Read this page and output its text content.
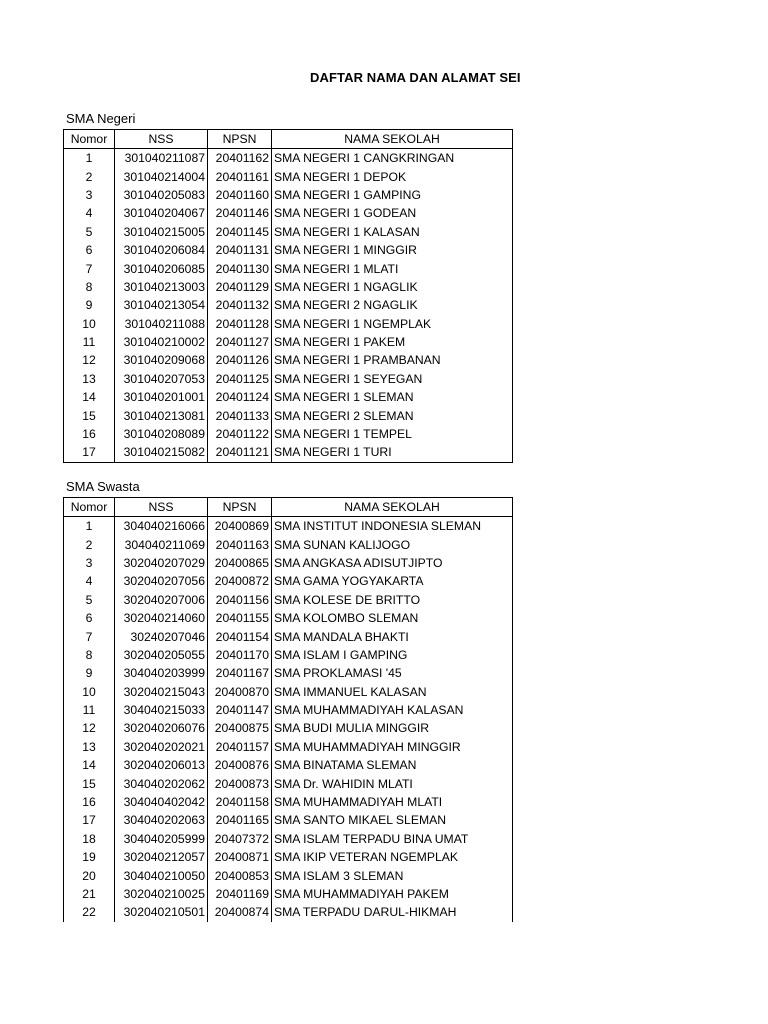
DAFTAR NAMA DAN ALAMAT SEI
SMA Negeri
Nomor	NSS	NPSN	NAMA SEKOLAH
1	301040211087	20401162	SMA NEGERI 1 CANGKRINGAN
2	301040214004	20401161	SMA NEGERI 1 DEPOK
3	301040205083	20401160	SMA NEGERI 1 GAMPING
4	301040204067	20401146	SMA NEGERI 1 GODEAN
5	301040215005	20401145	SMA NEGERI 1 KALASAN
6	301040206084	20401131	SMA NEGERI 1 MINGGIR
7	301040206085	20401130	SMA NEGERI 1 MLATI
8	301040213003	20401129	SMA NEGERI 1 NGAGLIK
9	301040213054	20401132	SMA NEGERI 2 NGAGLIK
10	301040211088	20401128	SMA NEGERI 1 NGEMPLAK
11	301040210002	20401127	SMA NEGERI 1 PAKEM
12	301040209068	20401126	SMA NEGERI 1 PRAMBANAN
13	301040207053	20401125	SMA NEGERI 1 SEYEGAN
14	301040201001	20401124	SMA NEGERI 1 SLEMAN
15	301040213081	20401133	SMA NEGERI 2 SLEMAN
16	301040208089	20401122	SMA NEGERI 1 TEMPEL
17	301040215082	20401121	SMA NEGERI 1 TURI
SMA Swasta
Nomor	NSS	NPSN	NAMA SEKOLAH
1	304040216066	20400869	SMA INSTITUT INDONESIA SLEMAN
2	304040211069	20401163	SMA SUNAN KALIJOGO
3	302040207029	20400865	SMA ANGKASA ADISUTJIPTO
4	302040207056	20400872	SMA GAMA YOGYAKARTA
5	302040207006	20401156	SMA KOLESE DE BRITTO
6	302040214060	20401155	SMA KOLOMBO SLEMAN
7	30240207046	20401154	SMA MANDALA BHAKTI
8	302040205055	20401170	SMA ISLAM I GAMPING
9	304040203999	20401167	SMA PROKLAMASI '45
10	302040215043	20400870	SMA IMMANUEL KALASAN
11	304040215033	20401147	SMA MUHAMMADIYAH KALASAN
12	302040206076	20400875	SMA BUDI MULIA MINGGIR
13	302040202021	20401157	SMA MUHAMMADIYAH MINGGIR
14	302040206013	20400876	SMA BINATAMA SLEMAN
15	304040202062	20400873	SMA Dr. WAHIDIN MLATI
16	304040402042	20401158	SMA MUHAMMADIYAH MLATI
17	304040202063	20401165	SMA SANTO MIKAEL SLEMAN
18	304040205999	20407372	SMA ISLAM TERPADU BINA UMAT
19	302040212057	20400871	SMA IKIP VETERAN NGEMPLAK
20	304040210050	20400853	SMA ISLAM 3 SLEMAN
21	302040210025	20401169	SMA MUHAMMADIYAH PAKEM
22	302040210501	20400874	SMA TERPADU DARUL-HIKMAH
